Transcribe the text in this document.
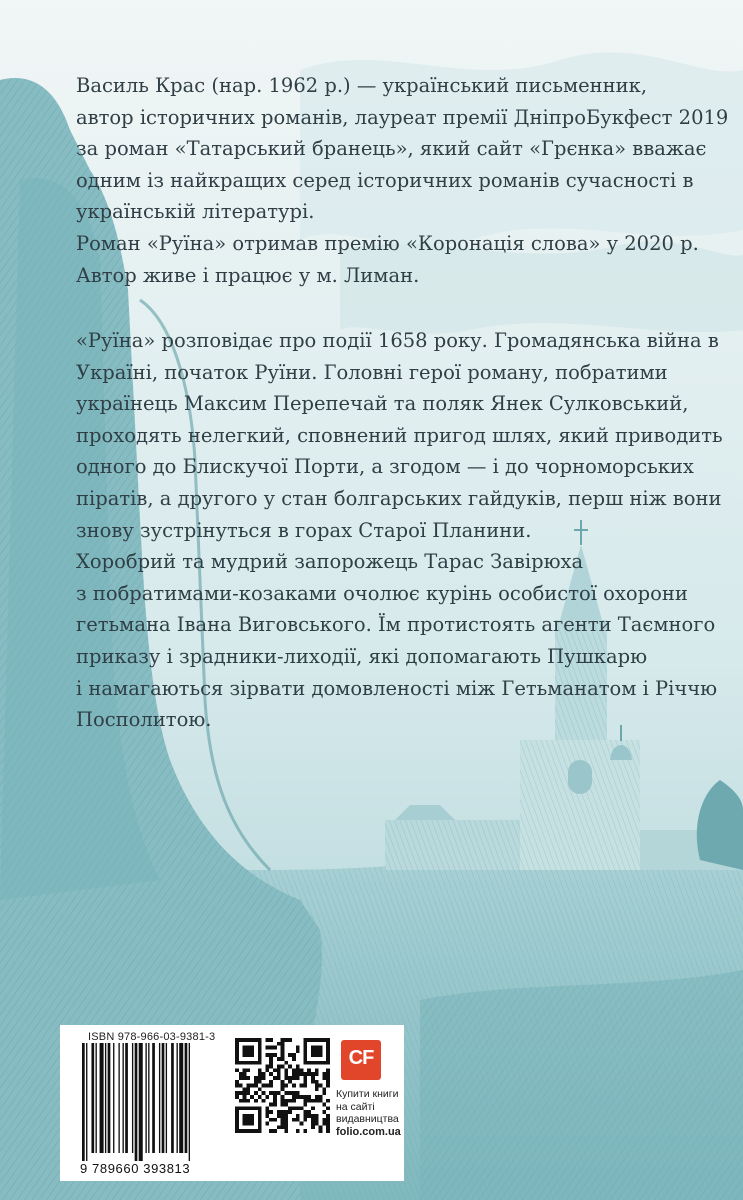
Василь Крас (нар. 1962 р.) — український письменник,
автор історичних романів, лауреат премії ДніпроБукфест 2019
за роман «Татарський бранець», який сайт «Грєнка» вважає
одним із найкращих серед історичних романів сучасності в
українській літературі.
Роман «Руїна» отримав премію «Коронація слова» у 2020 р.
Автор живе і працює у м. Лиман.
«Руїна» розповідає про події 1658 року. Громадянська війна в
Україні, початок Руїни. Головні герої роману, побратими
українець Максим Перепечай та поляк Янек Сулковський,
проходять нелегкий, сповнений пригод шлях, який приводить
одного до Блискучої Порти, а згодом — і до чорноморських
піратів, а другого у стан болгарських гайдуків, перш ніж вони
знову зустрінуться в горах Старої Планини.
Хоробрий та мудрий запорожець Тарас Завірюха
з побратимами-козаками очолює курінь особистої охорони
гетьмана Івана Виговського. Їм протистоять агенти Таємного
приказу і зрадники-лиходії, які допомагають Пушкарю
і намагаються зірвати домовленості між Гетьманатом і Річчю
Посполитою.
ISBN 978-966-03-9381-3
9 789660 393813
CF
Купити книги
на сайті
видавництва
folio.com.ua
